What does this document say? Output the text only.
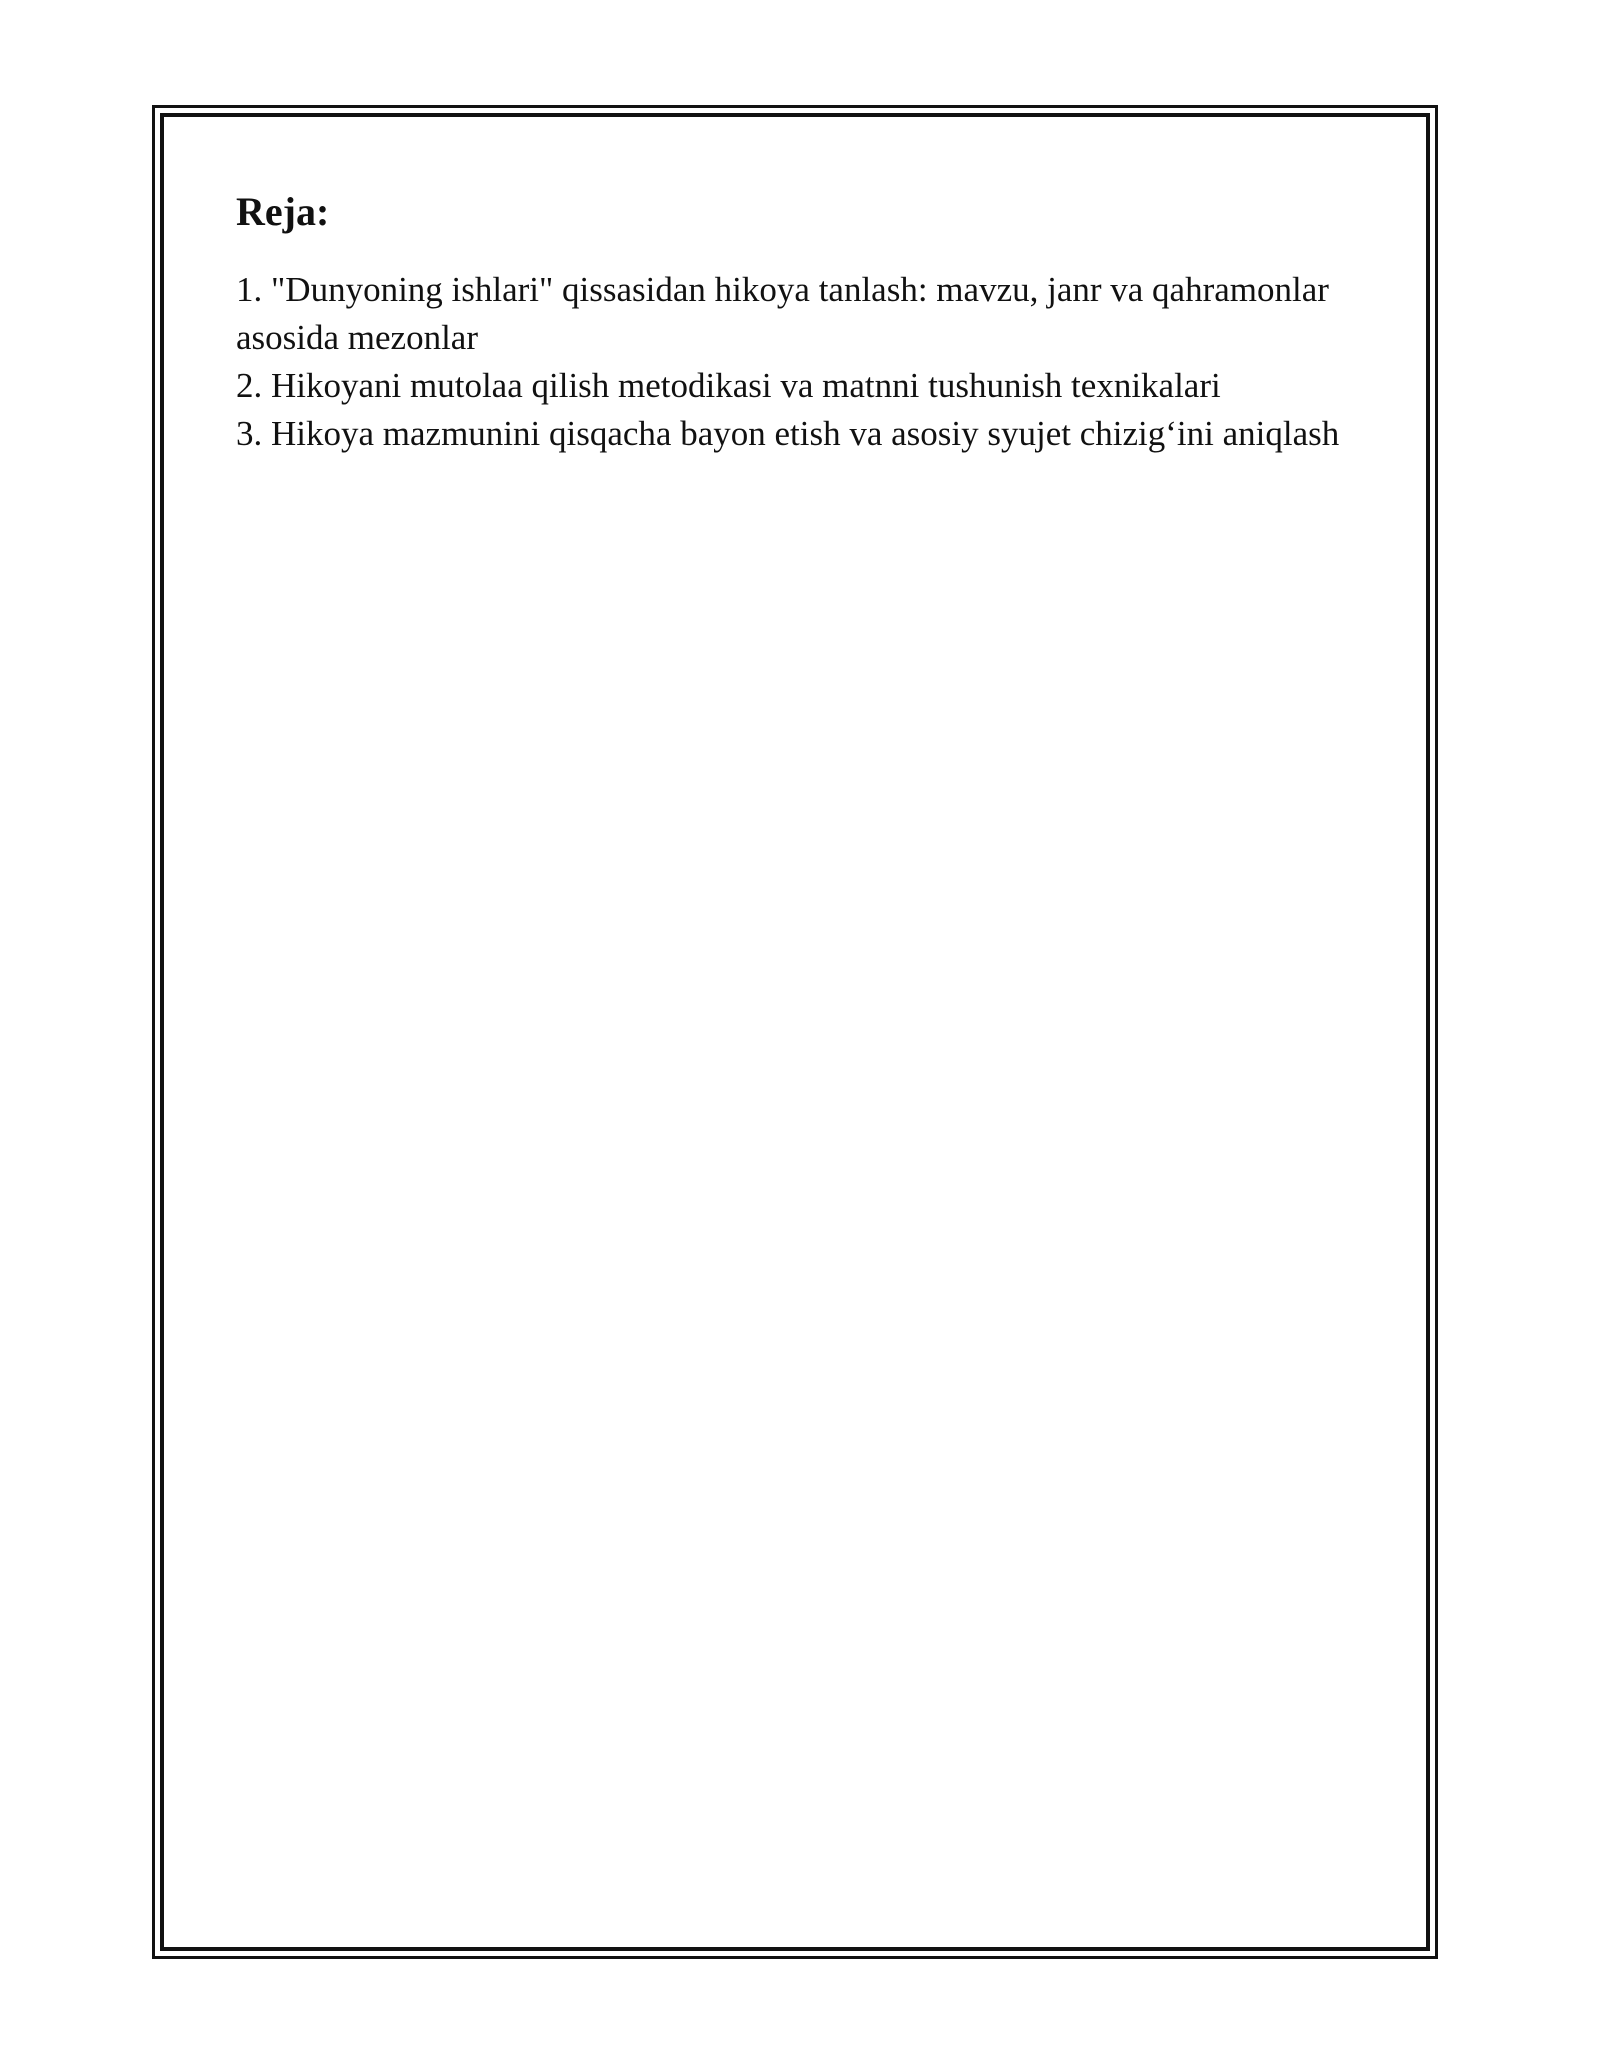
Reja:

1. "Dunyoning ishlari" qissasidan hikoya tanlash: mavzu, janr va qahramonlar asosida mezonlar

2. Hikoyani mutolaa qilish metodikasi va matnni tushunish texnikalari

3. Hikoya mazmunini qisqacha bayon etish va asosiy syujet chizig‘ini aniqlash
